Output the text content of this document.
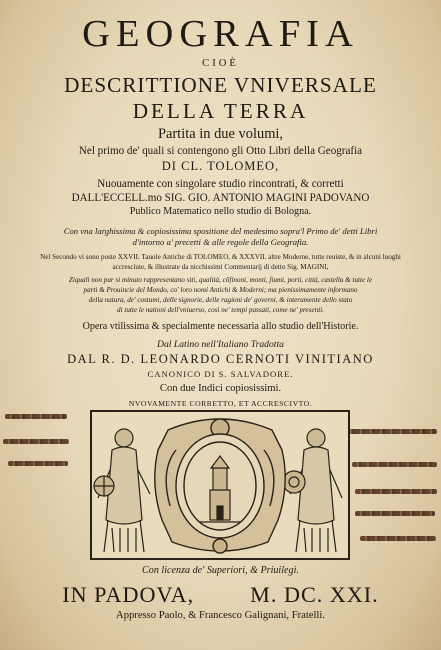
GEOGRAFIA
CIOÈ
DESCRITTIONE VNIVERSALE
DELLA TERRA
Partita in due volumi,
Nel primo de' quali si contengono gli Otto Libri della Geografia
DI CL. TOLOMEO,
Nuouamente con singolare studio rincontrati, & corretti
DALL'ECCELL.mo SIG. GIO. ANTONIO MAGINI PADOVANO
Publico Matematico nello studio di Bologna.
Con vna larghissima & copiosissima spositione del medesimo sopra'l Primo de' detti Libri
d'intorno a' precetti & alle regole della Geografia.
Nel Secondo vi sono poste XXVII. Tauole Antiche di TOLOMEO, & XXXVII. altre Moderne, tutte reuiste, & in alcuni luoghi
accresciute, & illustrate da nicchissimi Commentarij di detto Sig. MAGINI,
Ziquali non pur si minuto rappresentano siti, qualità, cõfinoni, monti, fiumi, porti, città, castella & tutte le
parti & Prouincie del Mondo, co' loro nomi Antichi & Moderni; ma pienissimamente informano
della natura, de' costumi, delle signorie, delle ragioni de' governi, & interamente dello stato
di tutte le nationi dell'vniuerso, così ne' tempi passati, come ne' presenti.
Opera vtilissima & specialmente necessaria allo studio dell'Historie.
Dal Latino nell'Italiano Tradotta
DAL R. D. LEONARDO CERNOTI VINITIANO
CANONICO DI S. SALVADORE.
Con due Indici copiosissimi.
NVOVAMENTE CORRETTO, ET ACCRESCIVTO.
Con licenza de' Superiori, & Priuilegi.
IN PADOVA,	M. DC. XXI.
Appresso Paolo, & Francesco Galignani, Fratelli.
